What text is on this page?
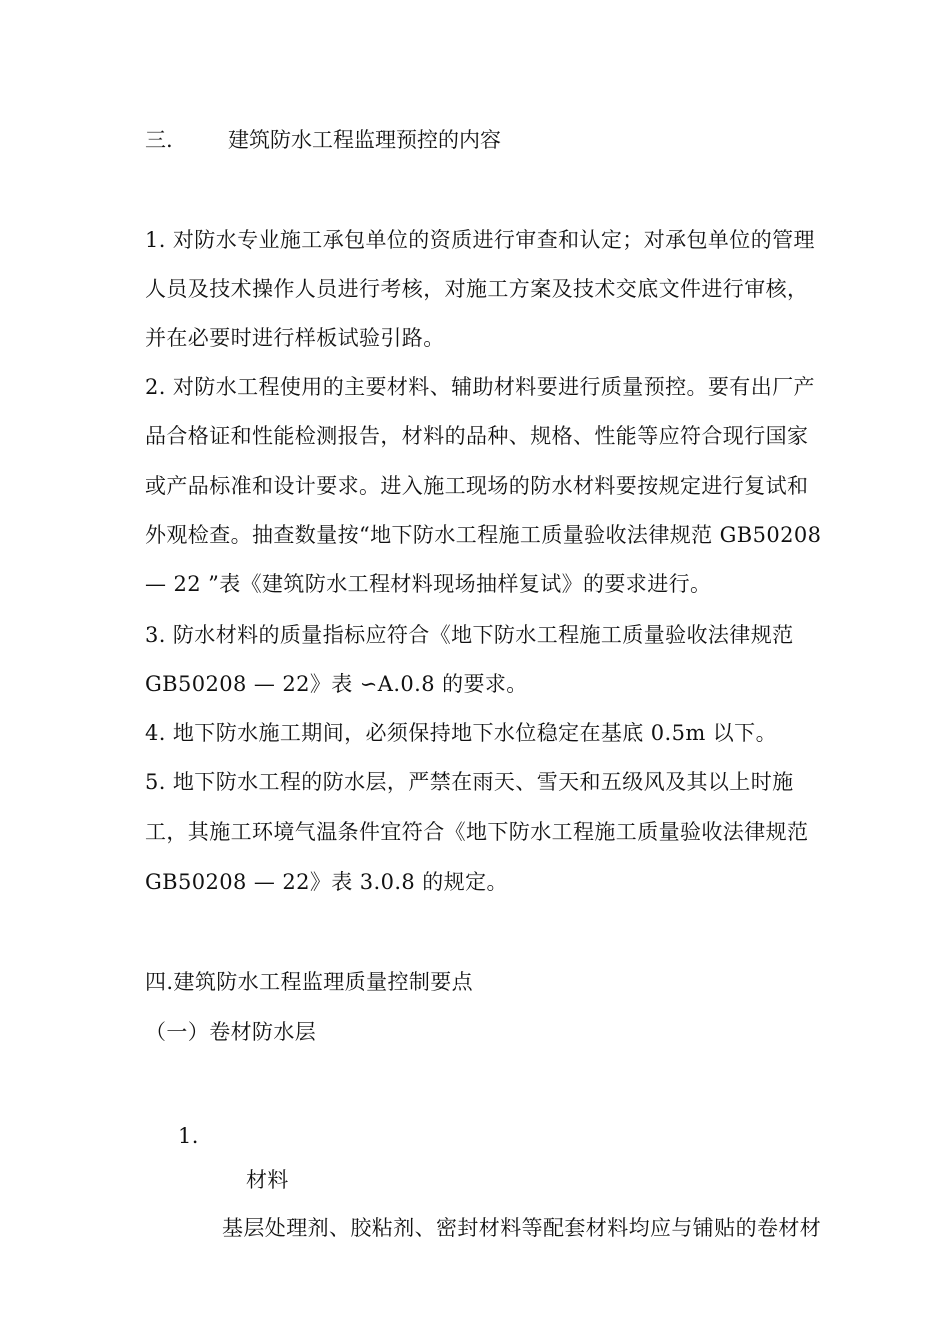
三.	建筑防水工程监理预控的内容
1. 对防水专业施工承包单位的资质进行审查和认定；对承包单位的管理
人员及技术操作人员进行考核，对施工方案及技术交底文件进行审核，
并在必要时进行样板试验引路。
2. 对防水工程使用的主要材料、辅助材料要进行质量预控。要有出厂产
品合格证和性能检测报告，材料的品种、规格、性能等应符合现行国家
或产品标准和设计要求。进入施工现场的防水材料要按规定进行复试和
外观检查。抽查数量按“地下防水工程施工质量验收法律规范 GB50208
— 22 ”表《建筑防水工程材料现场抽样复试》的要求进行。
3. 防水材料的质量指标应符合《地下防水工程施工质量验收法律规范
GB50208 — 22》表 ∽A.0.8 的要求。
4. 地下防水施工期间，必须保持地下水位稳定在基底 0.5m 以下。
5. 地下防水工程的防水层，严禁在雨天、雪天和五级风及其以上时施
工，其施工环境气温条件宜符合《地下防水工程施工质量验收法律规范
GB50208 — 22》表 3.0.8 的规定。
四.建筑防水工程监理质量控制要点
（一）卷材防水层
1.
材料
基层处理剂、胶粘剂、密封材料等配套材料均应与铺贴的卷材材
